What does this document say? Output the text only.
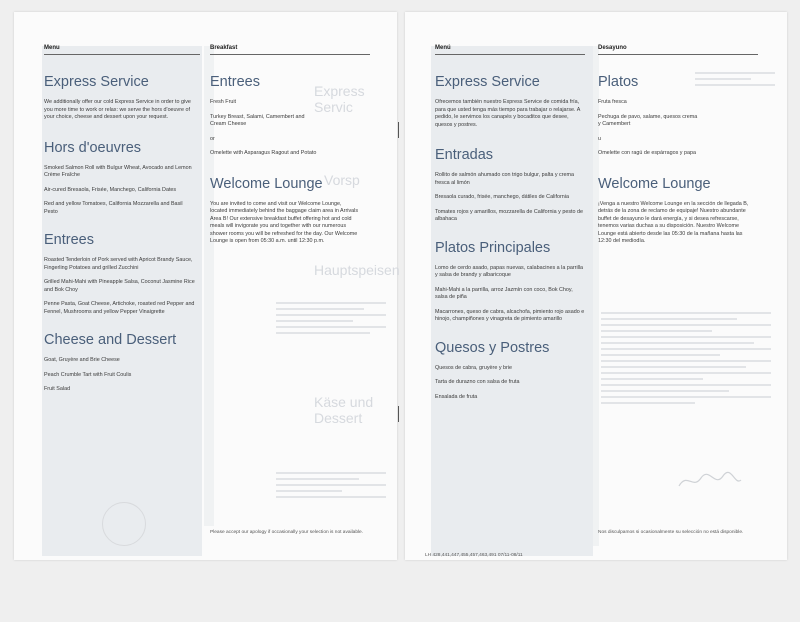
Express Servic
Vorsp
Hauptspeisen
Käse und Dessert
Menu	Breakfast
Express Service

We additionally offer our cold Express Service in order to give you more time to work or relax: we serve the hors d'oeuvre of your choice, cheese and dessert upon your request.

Hors d'oeuvres

Smoked Salmon Roll with Bulgur Wheat, Avocado and Lemon Crème Fraîche

Air-cured Bresaola, Frisée, Manchego, California Dates

Red and yellow Tomatoes, California Mozzarella and Basil Pesto

Entrees

Roasted Tenderloin of Pork served with Apricot Brandy Sauce, Fingerling Potatoes and grilled Zucchini

Grilled Mahi-Mahi with Pineapple Salsa, Coconut Jasmine Rice and Bok Choy

Penne Pasta, Goat Cheese, Artichoke, roasted red Pepper and Fennel, Mushrooms and yellow Pepper Vinaigrette

Cheese and Dessert

Goat, Gruyère and Brie Cheese

Peach Crumble Tart with Fruit Coulis

Fruit Salad

Entrees

Fresh Fruit

Turkey Breast, Salami, Camembert and Cream Cheese

or

Omelette with Asparagus Ragout and Potato

Welcome Lounge

You are invited to come and visit our Welcome Lounge, located immediately behind the baggage claim area in Arrivals Area B! Our extensive breakfast buffet offering hot and cold meals will invigorate you and together with our numerous shower rooms you will be refreshed for the day. Our Welcome Lounge is open from 05:30 a.m. until 12:30 p.m.

Please accept our apology if occasionally your selection is not available.
Menú	Desayuno
Express Service

Ofrecemos también nuestro Express Service de comida fría, para que usted tenga más tiempo para trabajar o relajarse. A pedido, le servimos los canapés y bocaditos que desee, quesos y postres.

Entradas

Rollito de salmón ahumado con trigo bulgur, palta y crema fresca al limón

Bresaola curado, frisée, manchego, dátiles de California

Tomates rojos y amarillos, mozzarella de California y pesto de albahaca

Platos Principales

Lomo de cerdo asado, papas nuevas, calabacines a la parrilla y salsa de brandy y albaricoque

Mahi-Mahi a la parrilla, arroz Jazmín con coco, Bok Choy, salsa de piña

Macarrones, queso de cabra, alcachofa, pimiento rojo asado e hinojo, champiñones y vinagreta de pimiento amarillo

Quesos y Postres

Quesos de cabra, gruyère y brie

Tarta de durazno con salsa de fruta

Ensalada de fruta

Platos

Fruta fresca

Pechuga de pavo, salame, quesos crema y Camembert

u

Omelette con ragú de espárragos y papa

Welcome Lounge

¡Venga a nuestro Welcome Lounge en la sección de llegada B, detrás de la zona de reclamo de equipaje! Nuestro abundante buffet de desayuno le dará energía, y si desea refrescarse, tenemos varias duchas a su disposición. Nuestro Welcome Lounge está abierto desde las 05:30 de la mañana hasta las 12:30 del mediodía.

Nos disculpamos si ocasionalmente su selección no está disponible.
LH 428,441,447,455,457,463,491 07/11-08/11
